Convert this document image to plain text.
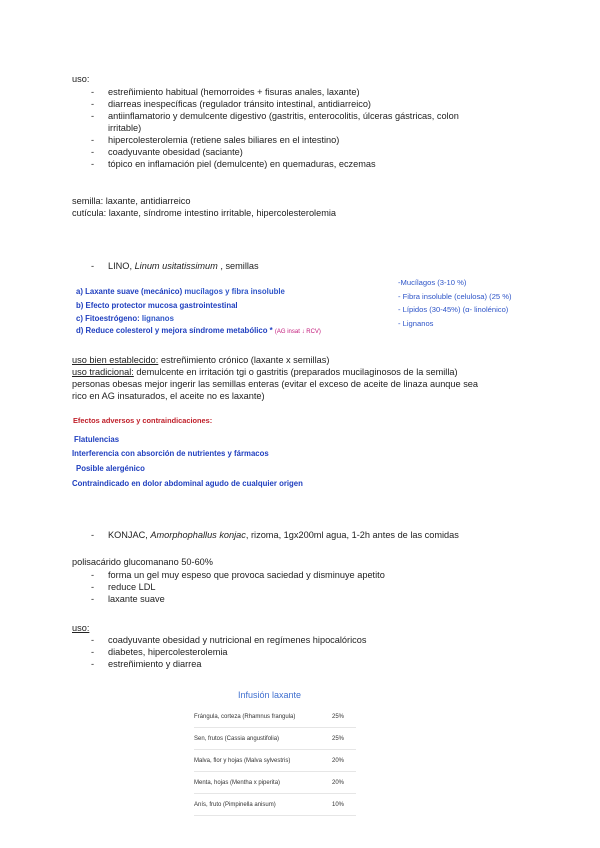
uso:
- estreñimiento habitual (hemorroides + fisuras anales, laxante)
- diarreas inespecíficas (regulador tránsito intestinal, antidiarreico)
- antiinflamatorio y demulcente digestivo (gastritis, enterocolitis, úlceras gástricas, colon
irritable)
- hipercolesterolemia (retiene sales biliares en el intestino)
- coadyuvante obesidad (saciante)
- tópico en inflamación piel (demulcente) en quemaduras, eczemas
semilla: laxante, antidiarreico
cutícula: laxante, síndrome intestino irritable, hipercolesterolemia
- LINO, Linum usitatissimum , semillas
a) Laxante suave (mecánico) mucílagos y fibra insoluble
b) Efecto protector mucosa gastrointestinal
c) Fitoestrógeno: lignanos
d) Reduce colesterol y mejora síndrome metabólico * (AG insat ↓ RCV)
-Mucílagos (3-10 %)
- Fibra insoluble (celulosa) (25 %)
- Lípidos (30-45%) (α- linolénico)
- Lignanos
uso bien establecido: estreñimiento crónico (laxante x semillas)
uso tradicional: demulcente en irritación tgi o gastritis (preparados mucilaginosos de la semilla)
personas obesas mejor ingerir las semillas enteras (evitar el exceso de aceite de linaza aunque sea
rico en AG insaturados, el aceite no es laxante)
Efectos adversos y contraindicaciones:
Flatulencias
Interferencia con absorción de nutrientes y fármacos
Posible alergénico
Contraindicado en dolor abdominal agudo de cualquier origen
- KONJAC, Amorphophallus konjac, rizoma, 1gx200ml agua, 1-2h antes de las comidas
polisacárido glucomanano 50-60%
- forma un gel muy espeso que provoca saciedad y disminuye apetito
- reduce LDL
- laxante suave
uso:
- coadyuvante obesidad y nutricional en regímenes hipocalóricos
- diabetes, hipercolesterolemia
- estreñimiento y diarrea
Infusión laxante
Frángula, corteza (Rhamnus frangula)	25%
Sen, frutos (Cassia angustifolia)	25%
Malva, flor y hojas (Malva sylvestris)	20%
Menta, hojas (Mentha x piperita)	20%
Anís, fruto (Pimpinella anisum)	10%
